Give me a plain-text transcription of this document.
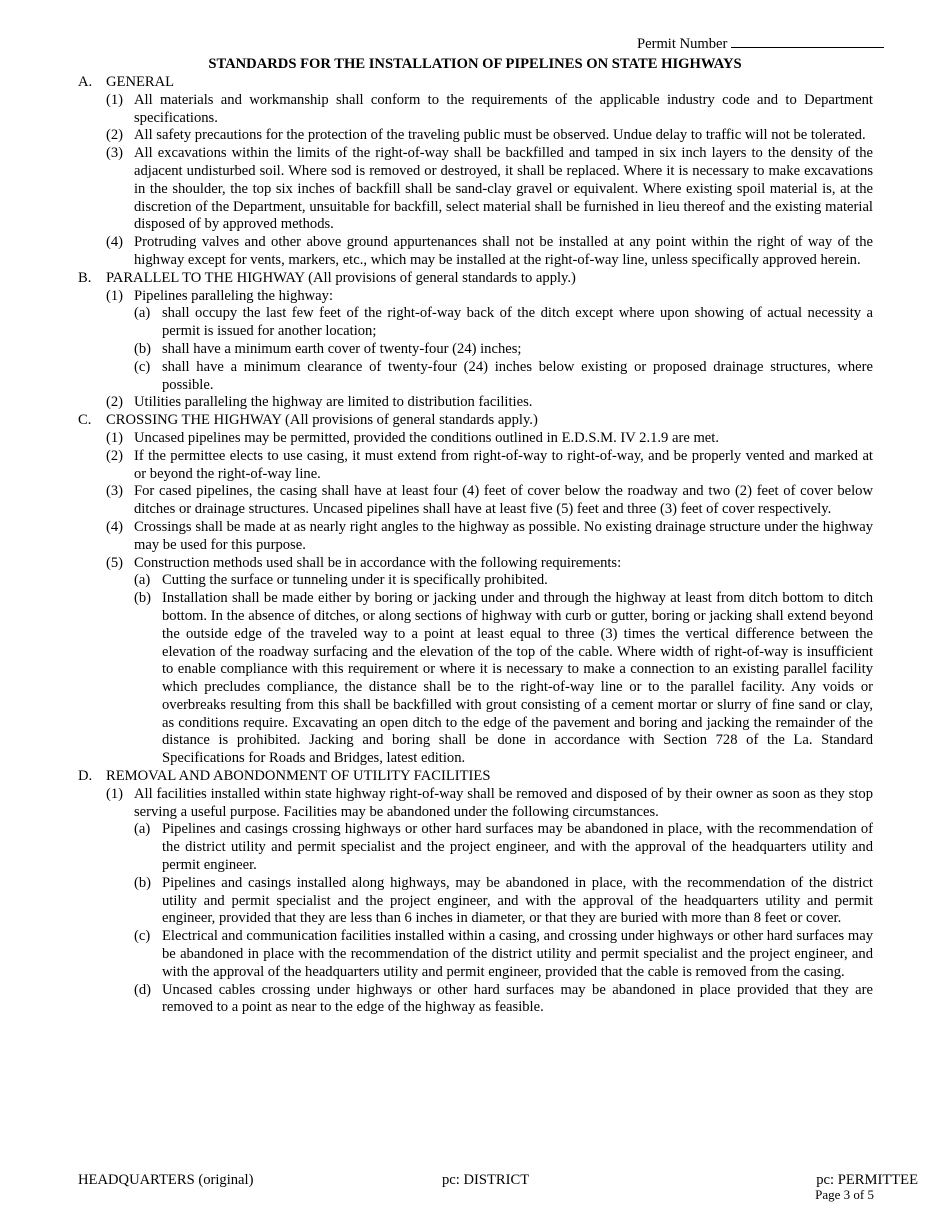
Permit Number
STANDARDS FOR THE INSTALLATION OF PIPELINES ON STATE HIGHWAYS
A. GENERAL
(1) All materials and workmanship shall conform to the requirements of the applicable industry code and to Department specifications.
(2) All safety precautions for the protection of the traveling public must be observed. Undue delay to traffic will not be tolerated.
(3) All excavations within the limits of the right-of-way shall be backfilled and tamped in six inch layers to the density of the adjacent undisturbed soil. Where sod is removed or destroyed, it shall be replaced. Where it is necessary to make excavations in the shoulder, the top six inches of backfill shall be sand-clay gravel or equivalent. Where existing spoil material is, at the discretion of the Department, unsuitable for backfill, select material shall be furnished in lieu thereof and the existing material disposed of by approved methods.
(4) Protruding valves and other above ground appurtenances shall not be installed at any point within the right of way of the highway except for vents, markers, etc., which may be installed at the right-of-way line, unless specifically approved herein.
B.	PARALLEL TO THE HIGHWAY (All provisions of general standards to apply.)
(1) Pipelines paralleling the highway:
(a) shall occupy the last few feet of the right-of-way back of the ditch except where upon showing of actual necessity a permit is issued for another location;
(b) shall have a minimum earth cover of twenty-four (24) inches;
(c) shall have a minimum clearance of twenty-four (24) inches below existing or proposed drainage structures, where possible.
(2) Utilities paralleling the highway are limited to distribution facilities.
C.	CROSSING THE HIGHWAY (All provisions of general standards apply.)
(1) Uncased pipelines may be permitted, provided the conditions outlined in E.D.S.M. IV 2.1.9 are met.
(2) If the permittee elects to use casing, it must extend from right-of-way to right-of-way, and be properly vented and marked at or beyond the right-of-way line.
(3) For cased pipelines, the casing shall have at least four (4) feet of cover below the roadway and two (2) feet of cover below ditches or drainage structures. Uncased pipelines shall have at least five (5) feet and three (3) feet of cover respectively.
(4) Crossings shall be made at as nearly right angles to the highway as possible. No existing drainage structure under the highway may be used for this purpose.
(5) Construction methods used shall be in accordance with the following requirements:
(a) Cutting the surface or tunneling under it is specifically prohibited.
(b) Installation shall be made either by boring or jacking under and through the highway at least from ditch bottom to ditch bottom. In the absence of ditches, or along sections of highway with curb or gutter, boring or jacking shall extend beyond the outside edge of the traveled way to a point at least equal to three (3) times the vertical difference between the elevation of the roadway surfacing and the elevation of the top of the cable. Where width of right-of-way is insufficient to enable compliance with this requirement or where it is necessary to make a connection to an existing parallel facility which precludes compliance, the distance shall be to the right-of-way line or to the parallel facility. Any voids or overbreaks resulting from this shall be backfilled with grout consisting of a cement mortar or slurry of fine sand or clay, as conditions require. Excavating an open ditch to the edge of the pavement and boring and jacking the remainder of the distance is prohibited. Jacking and boring shall be done in accordance with Section 728 of the La. Standard Specifications for Roads and Bridges, latest edition.
D. REMOVAL AND ABONDONMENT OF UTILITY FACILITIES
(1) All facilities installed within state highway right-of-way shall be removed and disposed of by their owner as soon as they stop serving a useful purpose. Facilities may be abandoned under the following circumstances.
(a) Pipelines and casings crossing highways or other hard surfaces may be abandoned in place, with the recommendation of the district utility and permit specialist and the project engineer, and with the approval of the headquarters utility and permit engineer.
(b) Pipelines and casings installed along highways, may be abandoned in place, with the recommendation of the district utility and permit specialist and the project engineer, and with the approval of the headquarters utility and permit engineer, provided that they are less than 6 inches in diameter, or that they are buried with more than 8 feet or cover.
(c) Electrical and communication facilities installed within a casing, and crossing under highways or other hard surfaces may be abandoned in place with the recommendation of the district utility and permit specialist and the project engineer, and with the approval of the headquarters utility and permit engineer, provided that the cable is removed from the casing.
(d) Uncased cables crossing under highways or other hard surfaces may be abandoned in place provided that they are removed to a point as near to the edge of the highway as feasible.
HEADQUARTERS (original)	pc: DISTRICT	pc: PERMITTEE
Page 3 of 5
